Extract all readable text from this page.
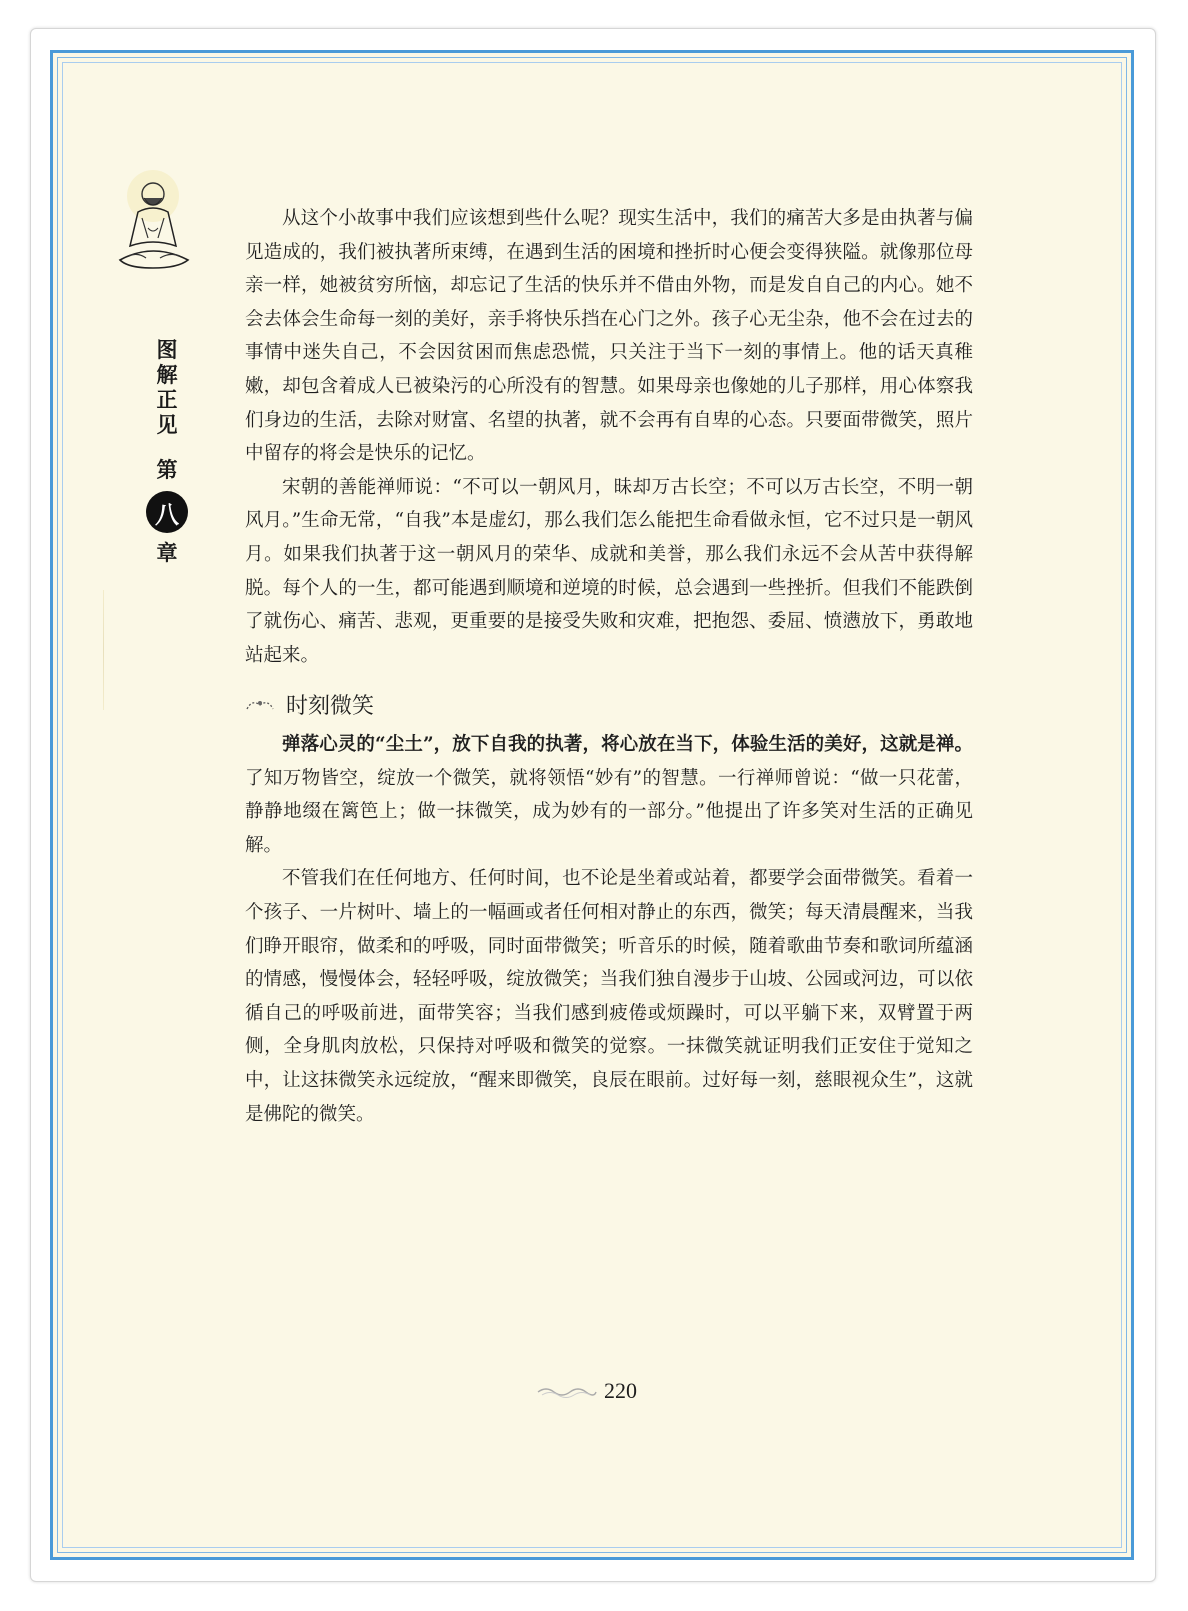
图
解
正
见
第
八
章

从这个小故事中我们应该想到些什么呢？现实生活中，我们的痛苦大多是由执著与偏见造成的，我们被执著所束缚，在遇到生活的困境和挫折时心便会变得狭隘。就像那位母亲一样，她被贫穷所恼，却忘记了生活的快乐并不借由外物，而是发自自己的内心。她不会去体会生命每一刻的美好，亲手将快乐挡在心门之外。孩子心无尘杂，他不会在过去的事情中迷失自己，不会因贫困而焦虑恐慌，只关注于当下一刻的事情上。他的话天真稚嫩，却包含着成人已被染污的心所没有的智慧。如果母亲也像她的儿子那样，用心体察我们身边的生活，去除对财富、名望的执著，就不会再有自卑的心态。只要面带微笑，照片中留存的将会是快乐的记忆。

宋朝的善能禅师说：“不可以一朝风月，昧却万古长空；不可以万古长空，不明一朝风月。”生命无常，“自我”本是虚幻，那么我们怎么能把生命看做永恒，它不过只是一朝风月。如果我们执著于这一朝风月的荣华、成就和美誉，那么我们永远不会从苦中获得解脱。每个人的一生，都可能遇到顺境和逆境的时候，总会遇到一些挫折。但我们不能跌倒了就伤心、痛苦、悲观，更重要的是接受失败和灾难，把抱怨、委屈、愤懑放下，勇敢地站起来。

时刻微笑

弹落心灵的“尘土”，放下自我的执著，将心放在当下，体验生活的美好，这就是禅。了知万物皆空，绽放一个微笑，就将领悟“妙有”的智慧。一行禅师曾说：“做一只花蕾，静静地缀在篱笆上；做一抹微笑，成为妙有的一部分。”他提出了许多笑对生活的正确见解。

不管我们在任何地方、任何时间，也不论是坐着或站着，都要学会面带微笑。看着一个孩子、一片树叶、墙上的一幅画或者任何相对静止的东西，微笑；每天清晨醒来，当我们睁开眼帘，做柔和的呼吸，同时面带微笑；听音乐的时候，随着歌曲节奏和歌词所蕴涵的情感，慢慢体会，轻轻呼吸，绽放微笑；当我们独自漫步于山坡、公园或河边，可以依循自己的呼吸前进，面带笑容；当我们感到疲倦或烦躁时，可以平躺下来，双臂置于两侧，全身肌肉放松，只保持对呼吸和微笑的觉察。一抹微笑就证明我们正安住于觉知之中，让这抹微笑永远绽放，“醒来即微笑，良辰在眼前。过好每一刻，慈眼视众生”，这就是佛陀的微笑。

220
